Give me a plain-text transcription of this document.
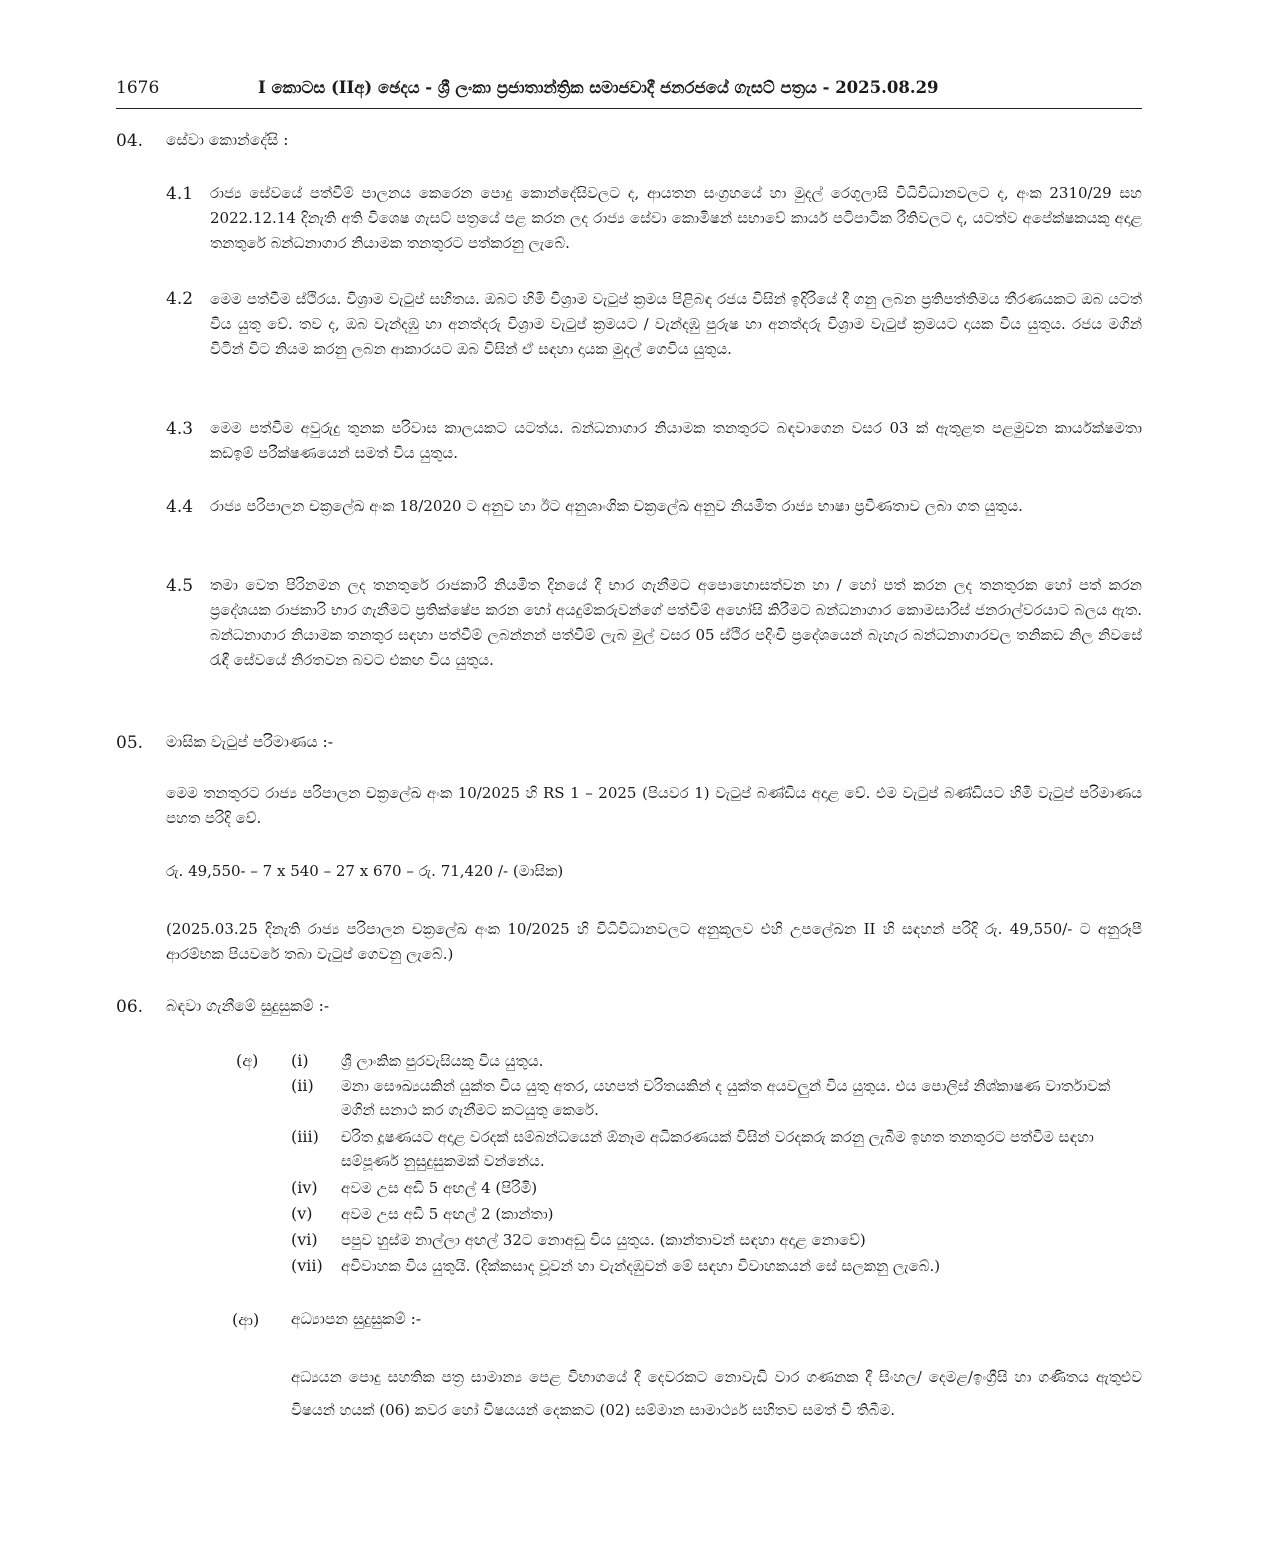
1676	I කොටස (IIඅ) ඡෙදය - ශ්‍රී ලංකා ප්‍රජාතාන්ත්‍රික සමාජවාදී ජනරජයේ ගැසට් පත්‍රය - 2025.08.29
04. සේවා කොන්දේසි :
4.1 රාජ්‍ය සේවයේ පත්වීම් පාලනය කෙරෙන පොදු කොන්දේසිවලට ද, ආයතන සංග්‍රහයේ හා මුදල් රෙගුලාසි විධිවිධානවලට ද, අංක 2310/29 සහ 2022.12.14 දිනැති අති විශෙෂ ගැසට් පත්‍රයේ පළ කරන ලද රාජ්‍ය සේවා කොමිෂන් සභාවේ කාර්ය පටිපාටික රීතිවලට ද, යටත්ව අපේක්ෂකයකු අදාළ තනතුරේ බන්ධනාගාර නියාමක තනතුරට පත්කරනු ලැබේ.

4.2 මෙම පත්වීම ස්ථිරය. විශ්‍රාම වැටුප් සහිතය. ඔබට හිමි විශ්‍රාම වැටුප් ක්‍රමය පිළිබඳ රජය විසින් ඉදිරියේ දී ගනු ලබන ප්‍රතිපත්තිමය තීරණයකට ඔබ යටත් විය යුතු වේ. තව ද, ඔබ වැන්දඹු හා අනත්දරු විශ්‍රාම වැටුප් ක්‍රමයට / වැන්දඹු පුරුෂ හා අනත්දරු විශ්‍රාම වැටුප් ක්‍රමයට දායක විය යුතුය. රජය මගින් විටින් විට නියම කරනු ලබන ආකාරයට ඔබ විසින් ඒ සඳහා දායක මුදල් ගෙවිය යුතුය.

4.3 මෙම පත්වීම අවුරුදු තුනක පරිවාස කාලයකට යටත්ය. බන්ධනාගාර නියාමක තනතුරට බඳවාගෙන වසර 03 ක් ඇතුළත පළමුවන කාර්යක්ෂමතා කඩඉම් පරීක්ෂණයෙන් සමත් විය යුතුය.

4.4 රාජ්‍ය පරිපාලන චක්‍රලේඛ අංක 18/2020 ට අනුව හා ඊට අනුශාංගික චක්‍රලේඛ අනුව නියමිත රාජ්‍ය භාෂා ප්‍රවීණතාව ලබා ගත යුතුය.

4.5 තමා වෙත පිරිනමන ලද තනතුරේ රාජකාරි නියමිත දිනයේ දී භාර ගැනීමට අපොහොසත්වන හා / හෝ පත් කරන ලද තනතුරක හෝ පත් කරන ප්‍රදේශයක රාජකාරි භාර ගැනීමට ප්‍රතික්ෂේප කරන හෝ අයදුම්කරුවන්ගේ පත්වීම් අහෝසි කිරීමට බන්ධනාගාර කොමසාරිස් ජනරාල්වරයාට බලය ඇත. බන්ධනාගාර නියාමක තනතුර සඳහා පත්වීම් ලබන්නන් පත්වීම් ලැබ මුල් වසර 05 ස්ථිර පදිංචි ප්‍රදේශයෙන් බැහැර බන්ධනාගාරවල තනිකඩ නිල නිවසේ රැඳී සේවයේ නිරතවන බවට එකඟ විය යුතුය.

05. මාසික වැටුප් පරිමාණය :-

මෙම තනතුරට රාජ්‍ය පරිපාලන චක්‍රලේඛ අංක 10/2025 හි RS 1 – 2025 (පියවර 1) වැටුප් බණ්ඩිය අදාළ වේ. එම වැටුප් බණ්ඩියට හිමි වැටුප් පරිමාණය පහත පරිදි වේ.

රු. 49,550- – 7 x 540 – 27 x 670 – රු. 71,420 /- (මාසික)

(2025.03.25 දිනැති රාජ්‍ය පරිපාලන චක්‍රලේඛ අංක 10/2025 හි විධිවිධානවලට අනුකූලව එහි උපලේඛන II හි සඳහන් පරිදි රු. 49,550/- ට අනුරූපී ආරම්භක පියවරේ තබා වැටුප් ගෙවනු ලැබේ.)

06. බඳවා ගැනීමේ සුදුසුකම් :-
(අ) (i) ශ්‍රී ලාංකික පුරවැසියකු විය යුතුය.

(ii) මනා සෞඛ්‍යයකින් යුක්ත විය යුතු අතර, යහපත් චරිතයකින් ද යුක්ත අයවලුන් විය යුතුය. එය පොලිස් නිශ්කාෂණ වාර්තාවක් මගින් සනාථ කර ගැනීමට කටයුතු කෙරේ.

(iii) චරිත දූෂණයට අදාළ වරදක් සම්බන්ධයෙන් ඕනෑම අධිකරණයක් විසින් වරදකරු කරනු ලැබීම ඉහත තනතුරට පත්වීම සඳහා සම්පූර්ණ නුසුදුසුකමක් වන්නේය.

(iv) අවම උස අඩි 5 අඟල් 4 (පිරිමි)

(v) අවම උස අඩි 5 අඟල් 2 (කාන්තා)

(vi) පපුව හුස්ම නාල්ලා අඟල් 32ට නොඅඩු විය යුතුය. (කාන්තාවන් සඳහා අදාළ නොවේ)

(vii) අවිවාහක විය යුතුයි. (දික්කසාද වූවන් හා වැන්දඹුවන් මේ සඳහා විවාහකයන් සේ සලකනු ලැබේ.)

(ආ) අධ්‍යාපන සුදුසුකම් :-

අධ්‍යයන පොදු සහතික පත්‍ර සාමාන්‍ය පෙළ විභාගයේ දී දෙවරකට නොවැඩි වාර ගණනක දී සිංහල/ දෙමළ/ඉංග්‍රීසි හා ගණිතය ඇතුළුව විෂයන් හයක් (06) කවර හෝ විෂයයන් දෙකකට (02) සම්මාන සාමාර්ථ්‍ය සහිතව සමත් වී තිබීම.
